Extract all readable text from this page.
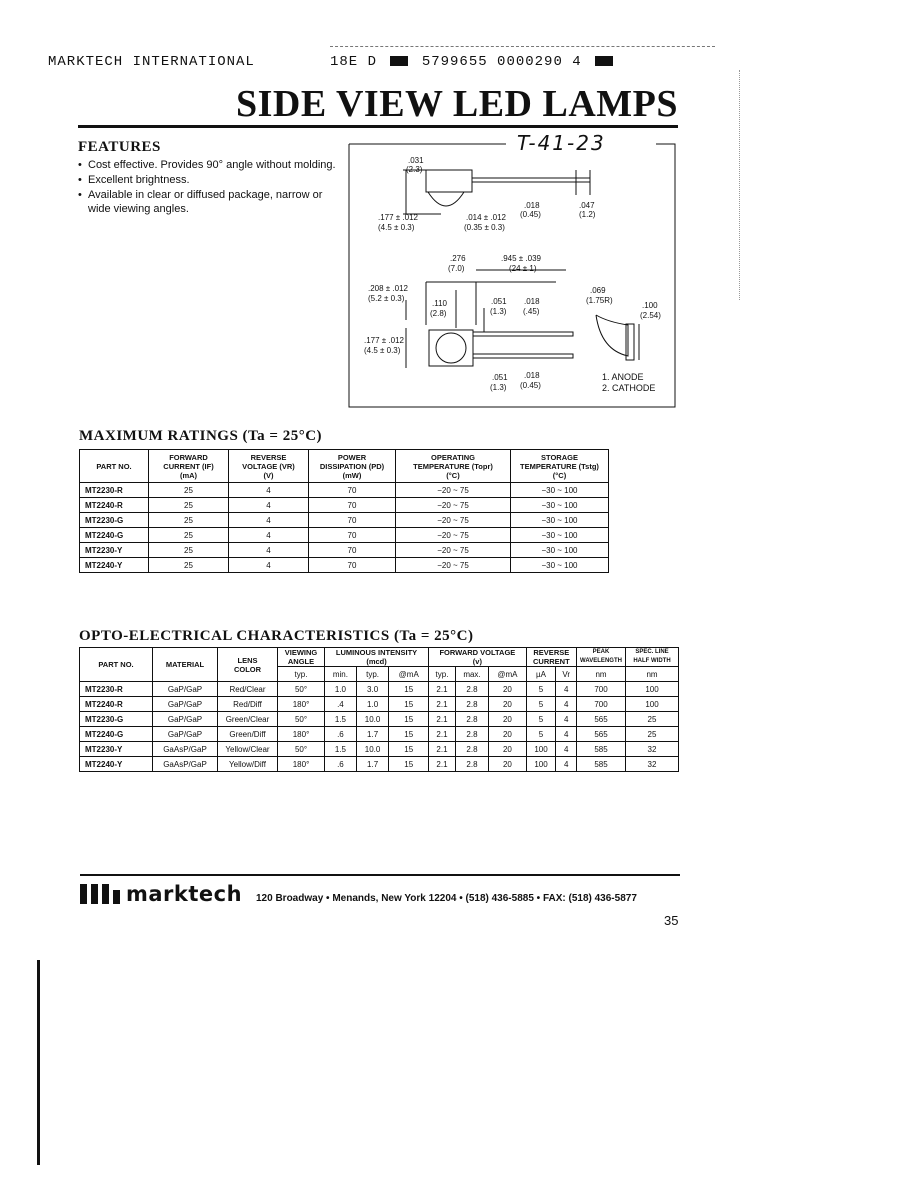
MARKTECH INTERNATIONAL	18E D	5799655 0000290 4
SIDE VIEW LED LAMPS
FEATURES
• Cost effective. Provides 90° angle without molding.
• Excellent brightness.
• Available in clear or diffused package, narrow or wide viewing angles.
T-41-23
.031
(2.3)
.177 ± .012
(4.5 ± 0.3)
.014 ± .012
(0.35 ± 0.3)
.018
(0.45)
.047
(1.2)
.276
(7.0)
.945 ± .039
(24 ± 1)
.208 ± .012
(5.2 ± 0.3)
.110
(2.8)
.051
(1.3)
.018
(.45)
.177 ± .012
(4.5 ± 0.3)
.051
(1.3)
.018
(0.45)
.069
(1.75R)
.100
(2.54)
1. ANODE
2. CATHODE
MAXIMUM RATINGS (Ta = 25°C)
PART NO.	FORWARD
CURRENT (IF)
(mA)	REVERSE
VOLTAGE (VR)
(V)	POWER
DISSIPATION (PD)
(mW)	OPERATING
TEMPERATURE (Topr)
(°C)	STORAGE
TEMPERATURE (Tstg)
(°C)
MT2230-R	25	4	70	−20 ~ 75	−30 ~ 100
MT2240-R	25	4	70	−20 ~ 75	−30 ~ 100
MT2230-G	25	4	70	−20 ~ 75	−30 ~ 100
MT2240-G	25	4	70	−20 ~ 75	−30 ~ 100
MT2230-Y	25	4	70	−20 ~ 75	−30 ~ 100
MT2240-Y	25	4	70	−20 ~ 75	−30 ~ 100
OPTO-ELECTRICAL CHARACTERISTICS (Ta = 25°C)
PART NO.	MATERIAL	LENS
COLOR	VIEWING
ANGLE	LUMINOUS INTENSITY
(mcd)			FORWARD VOLTAGE
(v)			REVERSE
CURRENT		PEAK
WAVELENGTH	SPEC. LINE
HALF WIDTH
			typ.	min.	typ.	@mA	typ.	max.	@mA	µA	Vr	nm	nm
MT2230-R	GaP/GaP	Red/Clear	50°	1.0	3.0	15	2.1	2.8	20	5	4	700	100
MT2240-R	GaP/GaP	Red/Diff	180°	.4	1.0	15	2.1	2.8	20	5	4	700	100
MT2230-G	GaP/GaP	Green/Clear	50°	1.5	10.0	15	2.1	2.8	20	5	4	565	25
MT2240-G	GaP/GaP	Green/Diff	180°	.6	1.7	15	2.1	2.8	20	5	4	565	25
MT2230-Y	GaAsP/GaP	Yellow/Clear	50°	1.5	10.0	15	2.1	2.8	20	100	4	585	32
MT2240-Y	GaAsP/GaP	Yellow/Diff	180°	.6	1.7	15	2.1	2.8	20	100	4	585	32
marktech 120 Broadway • Menands, New York 12204 • (518) 436-5885 • FAX: (518) 436-5877
35
